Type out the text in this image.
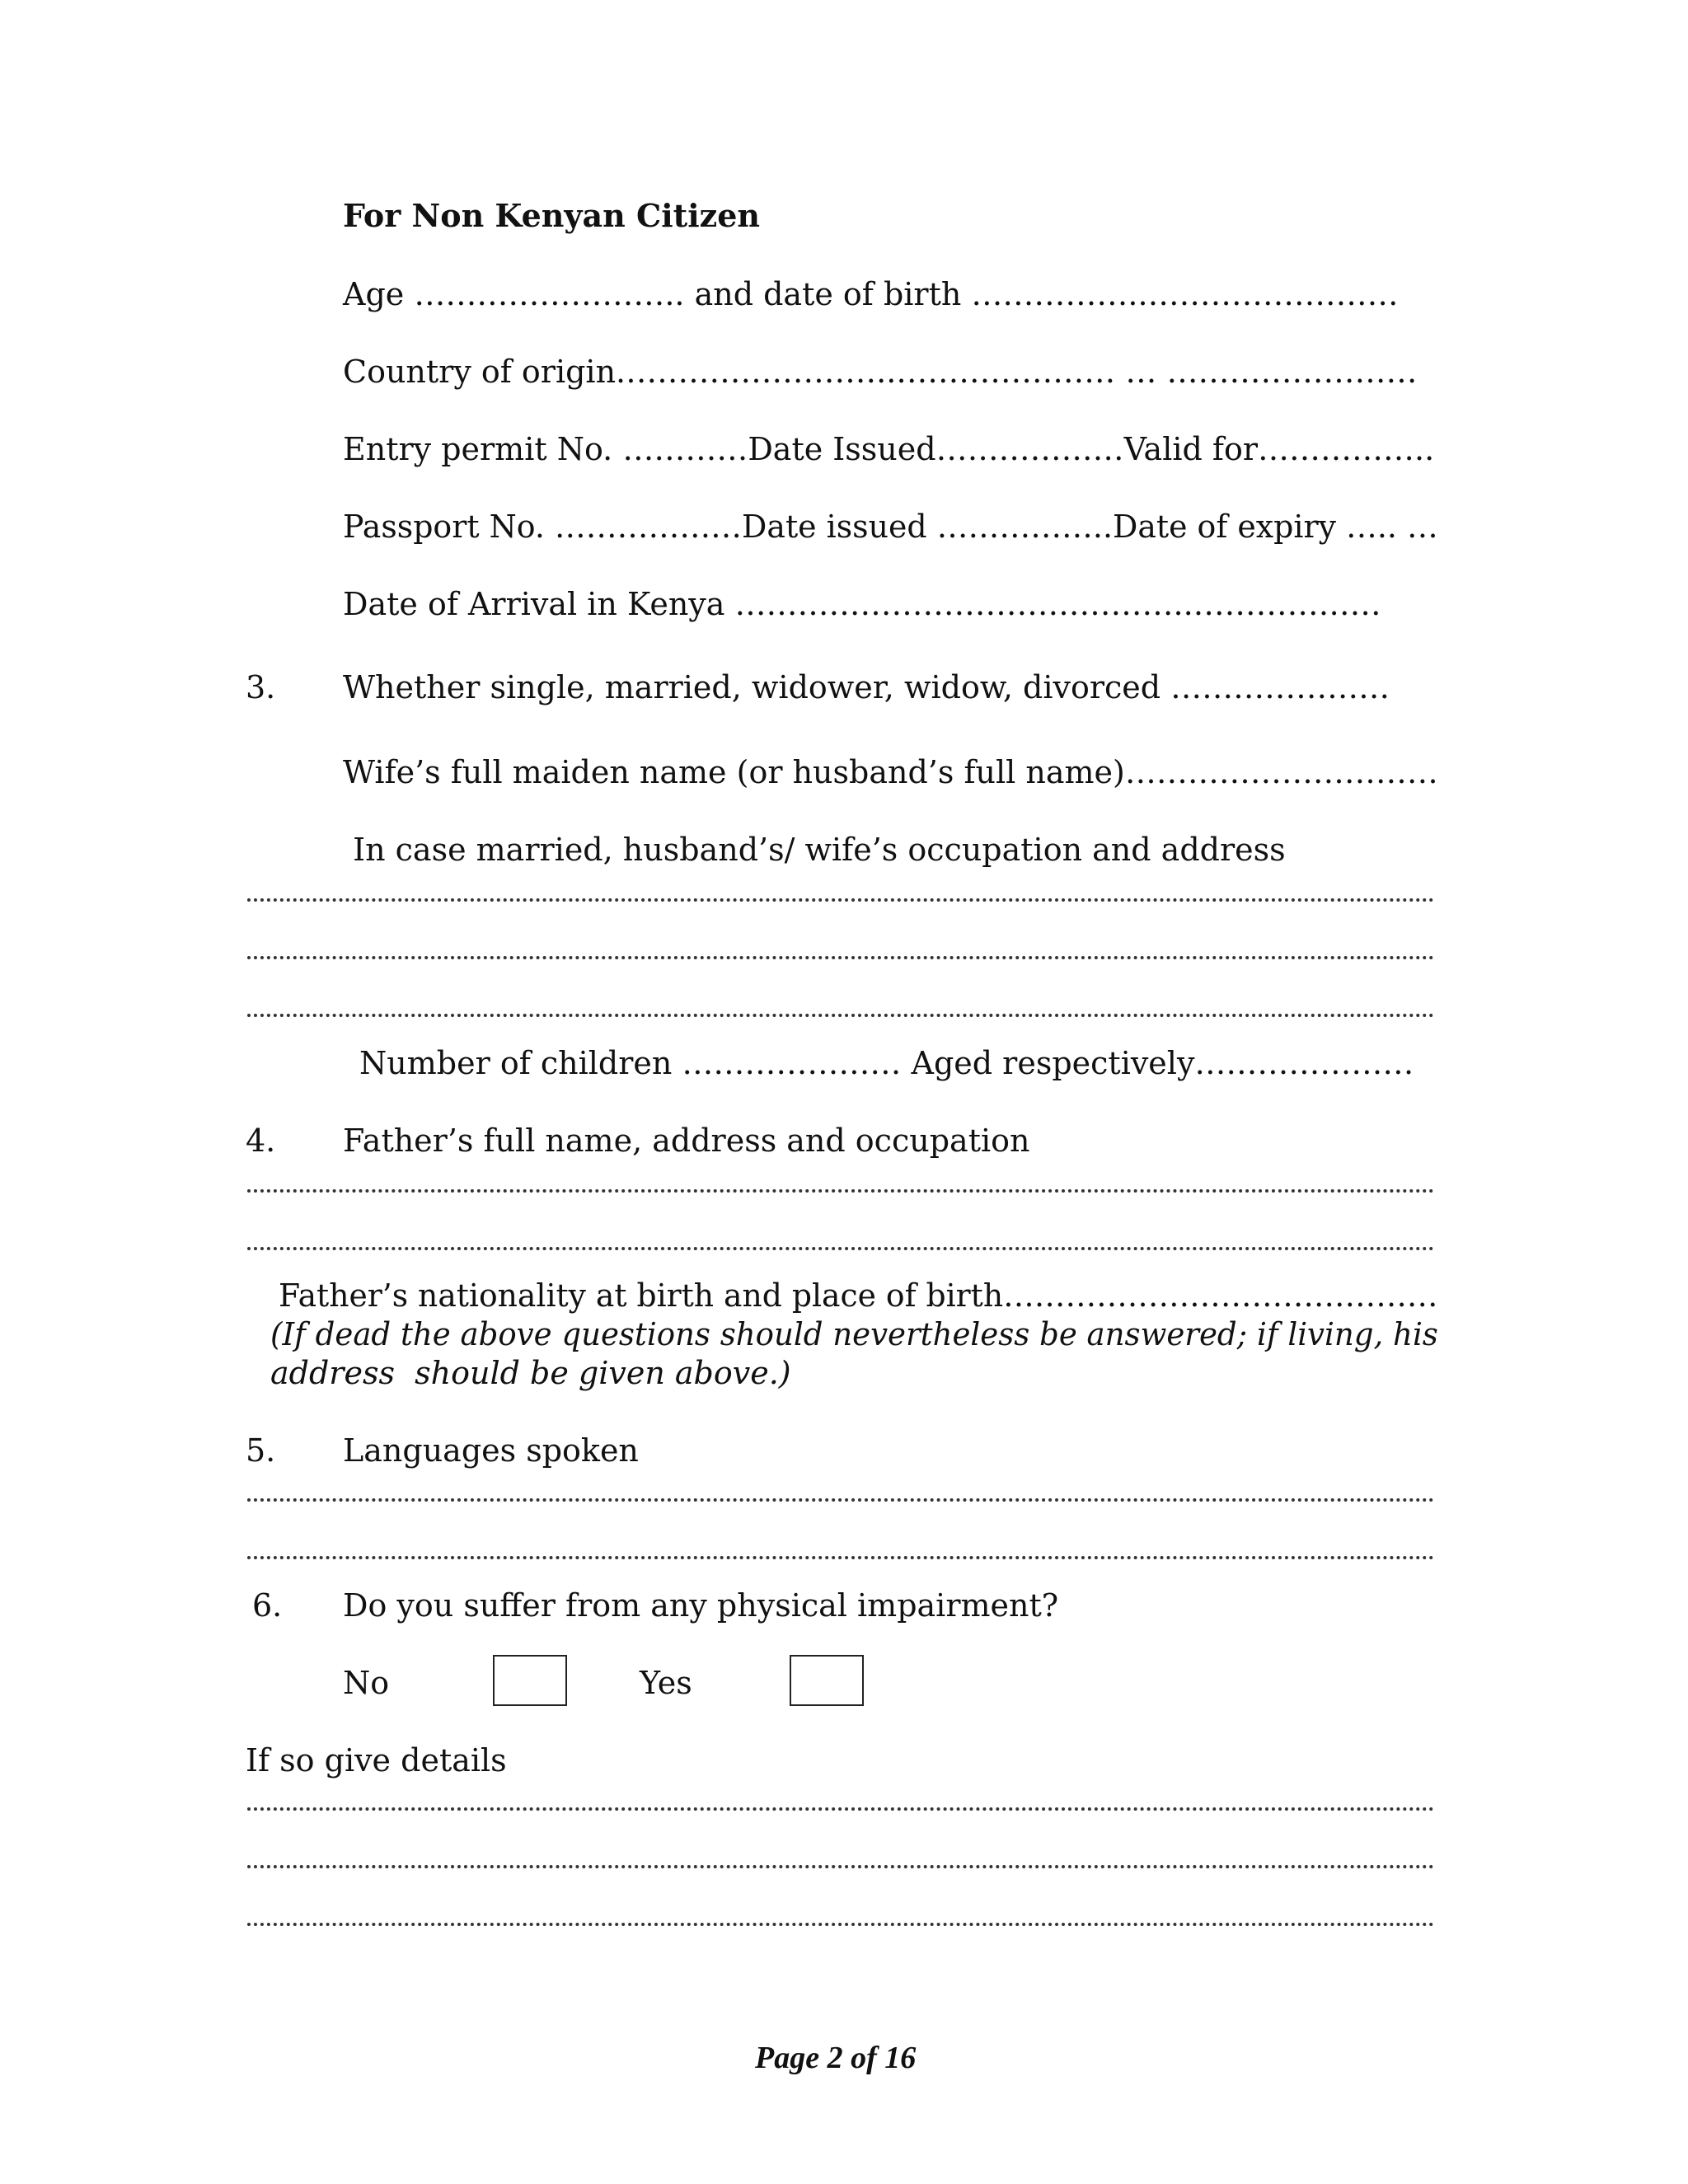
For Non Kenyan Citizen
Age …………………….. and date of birth ……………..……………………
Country of origin.……………………..………………… … ……………………
Entry permit No. …………Date Issued………………Valid for……………..
Passport No. ………………Date issued ……………..Date of expiry ….. …
Date of Arrival in Kenya ……………………………………..………………
3. Whether single, married, widower, widow, divorced …………………
Wife’s full maiden name (or husband’s full name)…………………………
In case married, husband’s/ wife’s occupation and address
Number of children ………………… Aged respectively…………………
4. Father’s full name, address and occupation
Father’s nationality at birth and place of birth……………………………………
(If dead the above questions should nevertheless be answered; if living, his
address  should be given above.)
5. Languages spoken
6. Do you suffer from any physical impairment?
No	Yes
If so give details
Page 2 of 16
